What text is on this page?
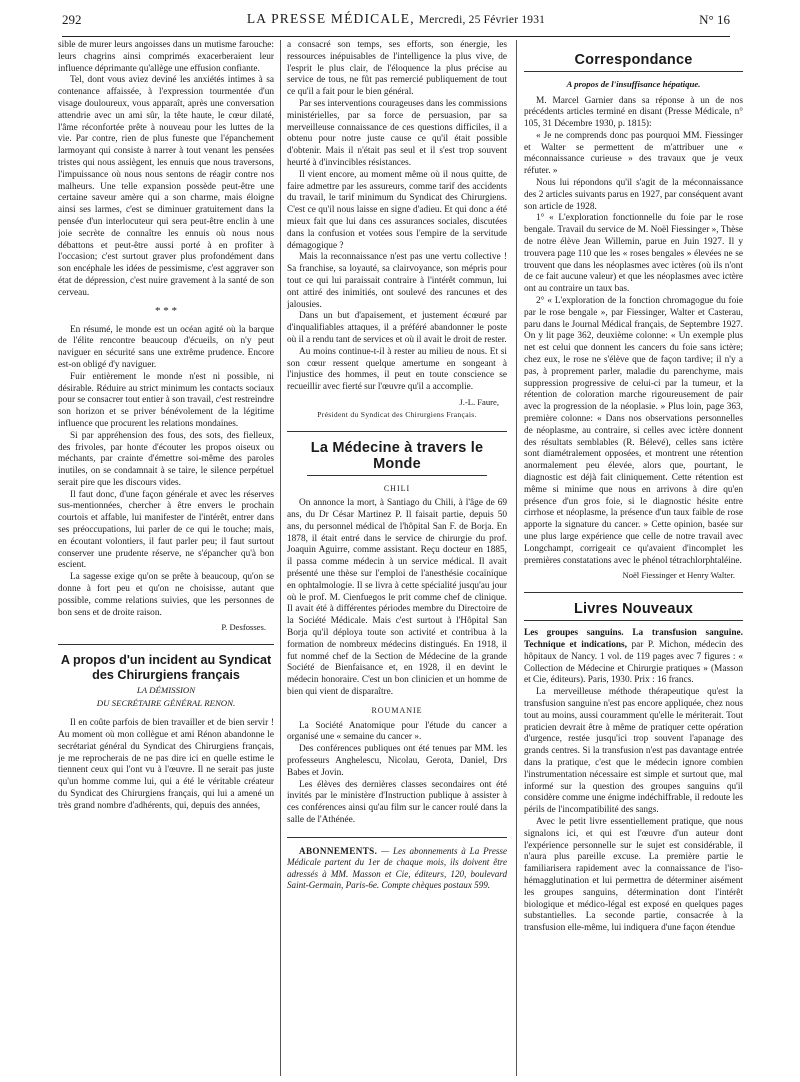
292	LA PRESSE MÉDICALE, Mercredi, 25 Février 1931	N° 16

sible de murer leurs angoisses dans un mutisme farouche: leurs chagrins ainsi comprimés exacerberaient leur influence déprimante qu'allège une effusion confiante.

Tel, dont vous aviez deviné les anxiétés intimes à sa contenance affaissée, à l'expression tourmentée d'un visage douloureux, vous apparaît, après une conversation attendrie avec un ami sûr, la tête haute, le cœur dilaté, l'âme réconfortée prête à nouveau pour les luttes de la vie. Par contre, rien de plus funeste que l'épanchement larmoyant qui consiste à narrer à tout venant les pensées tristes qui nous assiègent, les ennuis que nous traversons, l'impuissance où nous nous sentons de réagir contre nos malheurs. Une telle expansion possède peut-être une certaine saveur amère qui a son charme, mais éloigne ainsi ses larmes, c'est se diminuer gratuitement dans la pensée d'un interlocuteur qui sera peut-être enclin à une joie secrète de connaître les ennuis où nous nous débattons et peut-être aussi porté à en profiter à l'occasion; c'est surtout graver plus profondément dans son encéphale les idées de pessimisme, c'est aggraver son état de dépression, c'est nuire gravement à la santé de son cerveau.

* * *

En résumé, le monde est un océan agité où la barque de l'élite rencontre beaucoup d'écueils, on n'y peut naviguer en sécurité sans une extrême prudence. Encore est-on obligé d'y naviguer.

Fuir entièrement le monde n'est ni possible, ni désirable. Réduire au strict minimum les contacts sociaux pour se consacrer tout entier à son travail, c'est restreindre son horizon et se priver bénévolement de la légitime influence que procurent les relations mondaines.

Si par appréhension des fous, des sots, des fielleux, des frivoles, par honte d'écouter les propos oiseux ou méchants, par crainte d'émettre soi-même des paroles inutiles, on se condamnait à se taire, le silence perpétuel serait pire que les discours vides.

Il faut donc, d'une façon générale et avec les réserves sus-mentionnées, chercher à être envers le prochain courtois et affable, lui manifester de l'intérêt, entrer dans ses préoccupations, lui parler de ce qui le touche; mais, en écoutant volontiers, il faut parler peu; il faut surtout conserver une prudente réserve, ne s'épancher qu'à bon escient.

La sagesse exige qu'on se prête à beaucoup, qu'on se donne à fort peu et qu'on ne choisisse, autant que possible, comme relations suivies, que les personnes de bon sens et de droite raison.

P. Desfosses.
A propos d'un incident au Syndicat des Chirurgiens français
LA DÉMISSION
DU SECRÉTAIRE GÉNÉRAL RENON.

Il en coûte parfois de bien travailler et de bien servir ! Au moment où mon collègue et ami Rénon abandonne le secrétariat général du Syndicat des Chirurgiens français, je me reprocherais de ne pas dire ici en quelle estime le tiennent ceux qui l'ont vu à l'œuvre. Il ne serait pas juste qu'un homme comme lui, qui a été le véritable créateur du Syndicat des Chirurgiens français, qui lui a amené un très grand nombre d'adhérents, qui, depuis des années,

a consacré son temps, ses efforts, son énergie, les ressources inépuisables de l'intelligence la plus vive, de l'esprit le plus clair, de l'éloquence la plus précise au service de tous, ne fût pas remercié publiquement de tout ce qu'il a fait pour le bien général.

Par ses interventions courageuses dans les commissions ministérielles, par sa force de persuasion, par sa merveilleuse connaissance de ces questions difficiles, il a obtenu pour notre juste cause ce qu'il était possible d'obtenir. Mais il n'était pas seul et il s'est trop souvent heurté à d'invincibles résistances.

Il vient encore, au moment même où il nous quitte, de faire admettre par les assureurs, comme tarif des accidents du travail, le tarif minimum du Syndicat des Chirurgiens. C'est ce qu'il nous laisse en signe d'adieu. Et qui donc a été mieux fait que lui dans ces assurances sociales, discutées dans la confusion et votées sous l'empire de la servitude démagogique ?

Mais la reconnaissance n'est pas une vertu collective ! Sa franchise, sa loyauté, sa clairvoyance, son mépris pour tout ce qui lui paraissait contraire à l'intérêt commun, lui ont attiré des inimitiés, ont soulevé des rancunes et des jalousies.

Dans un but d'apaisement, et justement écœuré par d'inqualifiables attaques, il a préféré abandonner le poste où il a rendu tant de services et où il avait le droit de rester.

Au moins continue-t-il à rester au milieu de nous. Et si son cœur ressent quelque amertume en songeant à l'injustice des hommes, il peut en toute conscience se recueillir avec fierté sur l'œuvre qu'il a accomplie.

J.-L. Faure,
Président du Syndicat des Chirurgiens Français.
La Médecine à travers le Monde
CHILI

On annonce la mort, à Santiago du Chili, à l'âge de 69 ans, du Dr César Martinez P. Il faisait partie, depuis 50 ans, du personnel médical de l'hôpital San F. de Borja. En 1878, il était entré dans le service de chirurgie du prof. Joaquin Aguirre, comme assistant. Reçu docteur en 1885, il passa comme médecin à un service médical. Il avait présenté une thèse sur l'emploi de l'anesthésie cocaïnique en ophtalmologie. Il se livra à cette spécialité jusqu'au jour où le prof. M. Cienfuegos le prit comme chef de clinique. Il avait été à différentes périodes membre du Directoire de la Société Médicale. Mais c'est surtout à l'Hôpital San Borja qu'il déploya toute son activité et contribua à la formation de nombreux médecins distingués. En 1918, il fut nommé chef de la Section de Médecine de la grande Société de Bienfaisance et, en 1928, il en devint le médecin honoraire. C'est un bon clinicien et un homme de bien qui vient de disparaître.

ROUMANIE

La Société Anatomique pour l'étude du cancer a organisé une « semaine du cancer ».

Des conférences publiques ont été tenues par MM. les professeurs Anghelescu, Nicolau, Gerota, Daniel, Drs Babes et Jovin.

Les élèves des dernières classes secondaires ont été invités par le ministère d'Instruction publique à assister à ces conférences ainsi qu'au film sur le cancer roulé dans la salle de l'Athénée.

ABONNEMENTS. — Les abonnements à La Presse Médicale partent du 1er de chaque mois, ils doivent être adressés à MM. Masson et Cie, éditeurs, 120, boulevard Saint-Germain, Paris-6e. Compte chèques postaux 599.

Correspondance
A propos de l'insuffisance hépatique.

M. Marcel Garnier dans sa réponse à un de nos précédents articles terminé en disant (Presse Médicale, n° 105, 31 Décembre 1930, p. 1815):

« Je ne comprends donc pas pourquoi MM. Fiessinger et Walter se permettent de m'attribuer une « méconnaissance curieuse » des travaux que je veux réfuter. »

Nous lui répondons qu'il s'agit de la méconnaissance des 2 articles suivants parus en 1927, par conséquent avant son article de 1928.

1° « L'exploration fonctionnelle du foie par le rose bengale. Travail du service de M. Noël Fiessinger », Thèse de notre élève Jean Willemin, parue en Juin 1927. Il y trouvera page 110 que les « roses bengales » élevées ne se trouvent que dans les néoplasmes avec ictères (où ils n'ont de ce fait aucune valeur) et que les néoplasmes avec ictère ont au contraire un taux bas.

2° « L'exploration de la fonction chromagogue du foie par le rose bengale », par Fiessinger, Walter et Casterau, paru dans le Journal Médical français, de Septembre 1927. On y lit page 362, deuxième colonne: « Un exemple plus net est celui que donnent les cancers du foie sans ictère; chez eux, le rose ne s'élève que de façon tardive; il n'y a pas, à proprement parler, maladie du parenchyme, mais suppression progressive de celui-ci par la tumeur, et la rétention de coloration marche rigoureusement de pair avec la progression de la néoplasie. » Plus loin, page 363, première colonne: « Dans nos observations personnelles de néoplasme, au contraire, si celles avec ictère donnent des résultats semblables (R. Bélevé), celles sans ictère sont diamétralement opposées, et montrent une rétention anormalement peu élevée, alors que, pourtant, le diagnostic est déjà fait cliniquement. Cette rétention est même si minime que nous en arrivons à dire qu'en présence d'un gros foie, si le diagnostic hésite entre cirrhose et néoplasme, la présence d'un taux faible de rose apporte la signature du cancer. » Cette opinion, basée sur une plus large expérience que celle de notre travail avec Longchampt, corrigeait ce qu'avaient d'incomplet les premières constatations avec le phénol tétrachlorphtaléine.

Noël Fiessinger et Henry Walter.
Livres Nouveaux

Les groupes sanguins. La transfusion sanguine. Technique et indications, par P. Michon, médecin des hôpitaux de Nancy. 1 vol. de 119 pages avec 7 figures : « Collection de Médecine et Chirurgie pratiques » (Masson et Cie, éditeurs). Paris, 1930. Prix : 16 francs.

La merveilleuse méthode thérapeutique qu'est la transfusion sanguine n'est pas encore appliquée, chez nous tout au moins, aussi couramment qu'elle le mériterait. Tout praticien devrait être à même de pratiquer cette opération d'urgence, restée jusqu'ici trop souvent l'apanage des grands centres. Si la transfusion n'est pas davantage entrée dans la pratique, c'est que le médecin ignore combien l'instrumentation nécessaire est simple et surtout que, mal informé sur la question des groupes sanguins qu'il considère comme une énigme indéchiffrable, il redoute les périls de l'incompatibilité des sangs.

Avec le petit livre essentiellement pratique, que nous signalons ici, et qui est l'œuvre d'un auteur dont l'expérience personnelle sur le sujet est considérable, il n'aura plus pareille excuse. La première partie le familiarisera rapidement avec la connaissance de l'iso-hémagglutination et lui permettra de déterminer aisément les groupes sanguins, détermination dont l'intérêt biologique et médico-légal est exposé en quelques pages substantielles. La seconde partie, consacrée à la transfusion elle-même, lui indiquera d'une façon étendue
